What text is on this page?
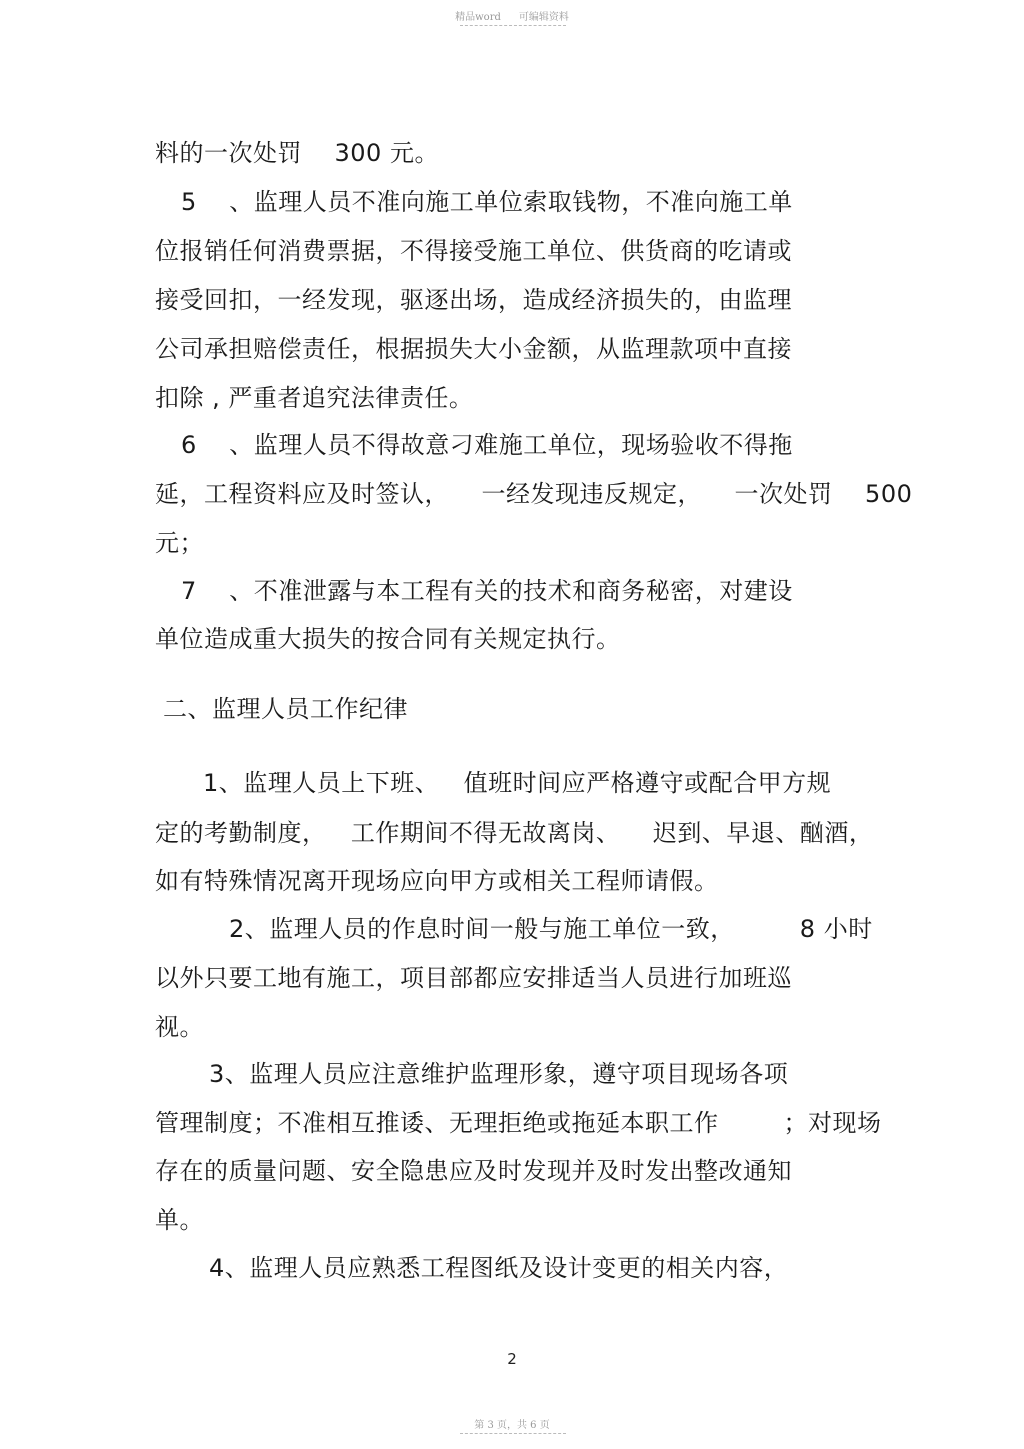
精品word 可编辑资料
料的一次处罚    300 元。
5    、监理人员不准向施工单位索取钱物，不准向施工单
位报销任何消费票据，不得接受施工单位、供货商的吃请或
接受回扣，一经发现，驱逐出场，造成经济损失的，由监理
公司承担赔偿责任，根据损失大小金额，从监理款项中直接
扣除 , 严重者追究法律责任。
6    、监理人员不得故意刁难施工单位，现场验收不得拖
延，工程资料应及时签认，    一经发现违反规定，    一次处罚    500
元；
7    、不准泄露与本工程有关的技术和商务秘密，对建设
单位造成重大损失的按合同有关规定执行。
二、监理人员工作纪律
1、监理人员上下班、   值班时间应严格遵守或配合甲方规
定的考勤制度，   工作期间不得无故离岗、    迟到、早退、酗酒，
如有特殊情况离开现场应向甲方或相关工程师请假。
2、监理人员的作息时间一般与施工单位一致，        8 小时
以外只要工地有施工，项目部都应安排适当人员进行加班巡
视。
3、监理人员应注意维护监理形象，遵守项目现场各项
管理制度；不准相互推诿、无理拒绝或拖延本职工作        ；对现场
存在的质量问题、安全隐患应及时发现并及时发出整改通知
单。
4、监理人员应熟悉工程图纸及设计变更的相关内容，
2
第 3 页，共 6 页
